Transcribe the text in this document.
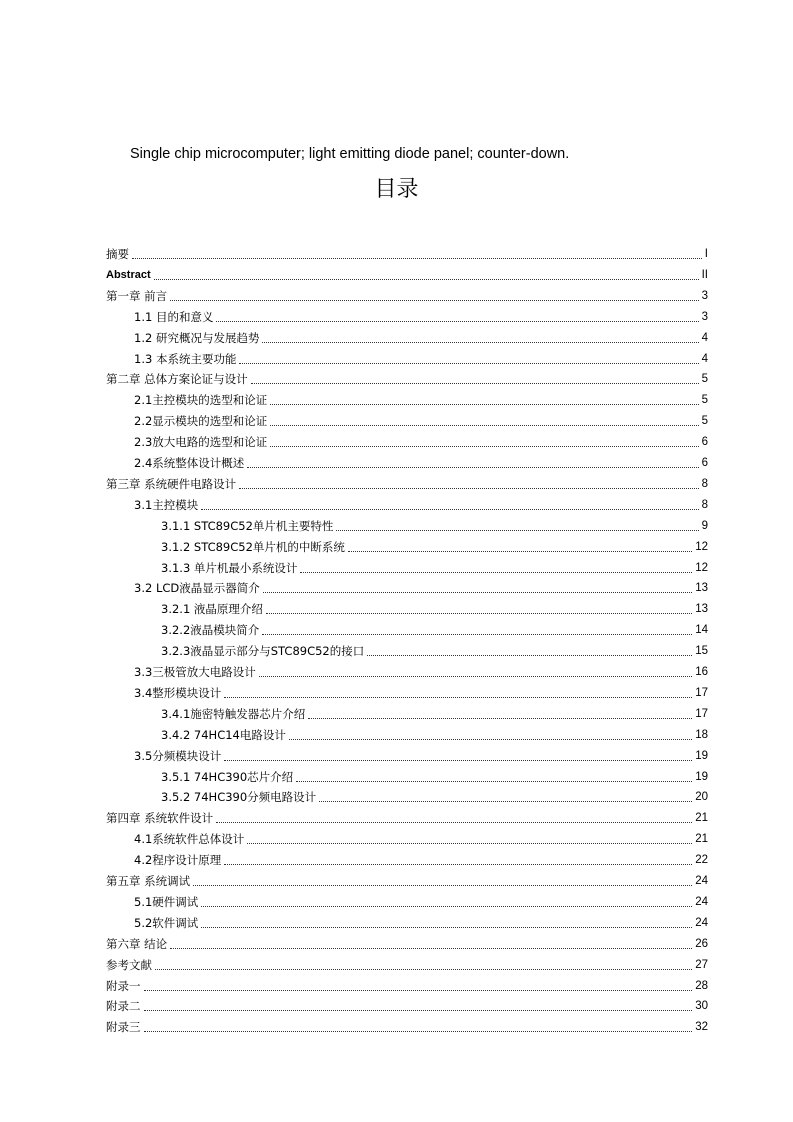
Single chip microcomputer; light emitting diode panel; counter-down.
目录
摘要	I
Abstract	II
第一章 前言	3
1.1 目的和意义	3
1.2 研究概况与发展趋势	4
1.3 本系统主要功能	4
第二章 总体方案论证与设计	5
2.1主控模块的选型和论证	5
2.2显示模块的选型和论证	5
2.3放大电路的选型和论证	6
2.4系统整体设计概述	6
第三章 系统硬件电路设计	8
3.1主控模块	8
3.1.1 STC89C52单片机主要特性	9
3.1.2 STC89C52单片机的中断系统	12
3.1.3 单片机最小系统设计	12
3.2 LCD液晶显示器简介	13
3.2.1 液晶原理介绍	13
3.2.2液晶模块简介	14
3.2.3液晶显示部分与STC89C52的接口	15
3.3三极管放大电路设计	16
3.4整形模块设计	17
3.4.1施密特触发器芯片介绍	17
3.4.2 74HC14电路设计	18
3.5分频模块设计	19
3.5.1 74HC390芯片介绍	19
3.5.2 74HC390分频电路设计	20
第四章 系统软件设计	21
4.1系统软件总体设计	21
4.2程序设计原理	22
第五章 系统调试	24
5.1硬件调试	24
5.2软件调试	24
第六章 结论	26
参考文献	27
附录一	28
附录二	30
附录三	32
